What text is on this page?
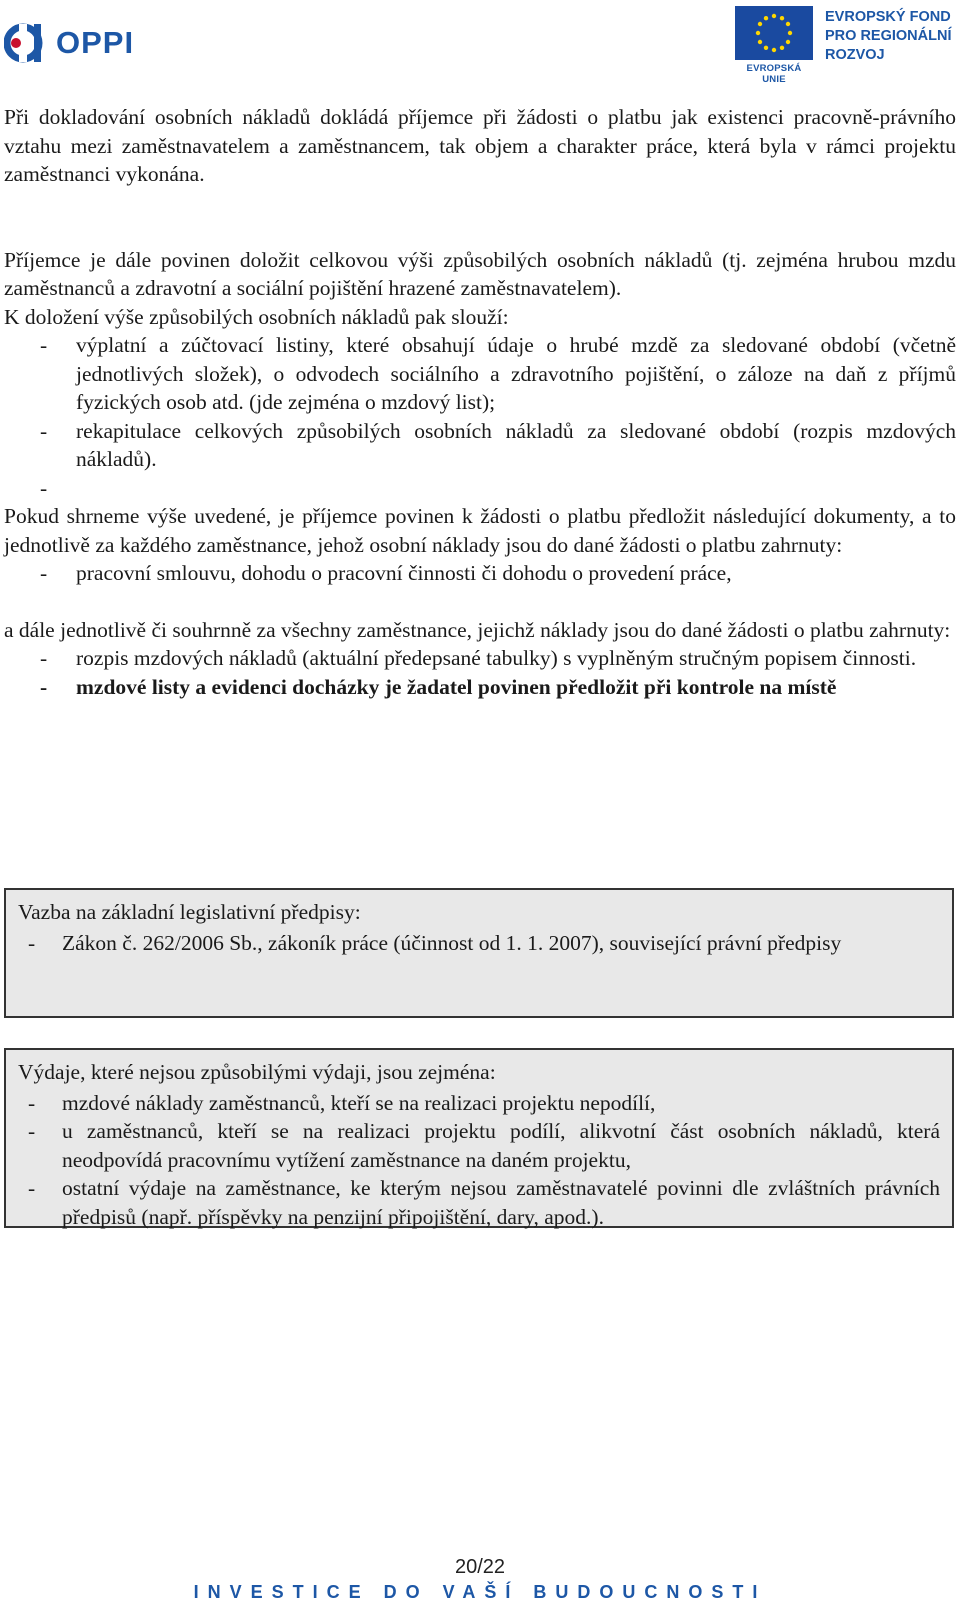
OPPI
EVROPSKÁ UNIE
EVROPSKÝ FOND
PRO REGIONÁLNÍ
ROZVOJ

Při dokladování osobních nákladů dokládá příjemce při žádosti o platbu jak existenci pracovně-právního vztahu mezi zaměstnavatelem a zaměstnancem, tak objem a charakter práce, která byla v rámci projektu zaměstnanci vykonána.

Příjemce je dále povinen doložit celkovou výši způsobilých osobních nákladů (tj. zejména hrubou mzdu zaměstnanců a zdravotní a sociální pojištění hrazené zaměstnavatelem).

K doložení výše způsobilých osobních nákladů pak slouží:

-	výplatní a zúčtovací listiny, které obsahují údaje o hrubé mzdě za sledované období (včetně jednotlivých složek), o odvodech sociálního a zdravotního pojištění, o záloze na daň z příjmů fyzických osob atd. (jde zejména o mzdový list);
-	rekapitulace celkových způsobilých osobních nákladů za sledované období (rozpis mzdových nákladů).
-

Pokud shrneme výše uvedené, je příjemce povinen k žádosti o platbu předložit následující dokumenty, a to jednotlivě za každého zaměstnance, jehož osobní náklady jsou do dané žádosti o platbu zahrnuty:

-	pracovní smlouvu, dohodu o pracovní činnosti či dohodu o provedení práce,

a dále jednotlivě či souhrnně za všechny zaměstnance, jejichž náklady jsou do dané žádosti o platbu zahrnuty:

-	rozpis mzdových nákladů (aktuální předepsané tabulky) s vyplněným stručným popisem činnosti.
-	mzdové listy a evidenci docházky je žadatel povinen předložit při kontrole na místě

Vazba na základní legislativní předpisy:

-	Zákon č. 262/2006 Sb., zákoník práce (účinnost od 1. 1. 2007), související právní předpisy

Výdaje, které nejsou způsobilými výdaji, jsou zejména:

-	mzdové náklady zaměstnanců, kteří se na realizaci projektu nepodílí,
-	u zaměstnanců, kteří se na realizaci projektu podílí, alikvotní část osobních nákladů, která neodpovídá pracovnímu vytížení zaměstnance na daném projektu,
-	ostatní výdaje na zaměstnance, ke kterým nejsou zaměstnavatelé povinni dle zvláštních právních předpisů (např. příspěvky na penzijní připojištění, dary, apod.).
20/22
INVESTICE DO VAŠÍ BUDOUCNOSTI
